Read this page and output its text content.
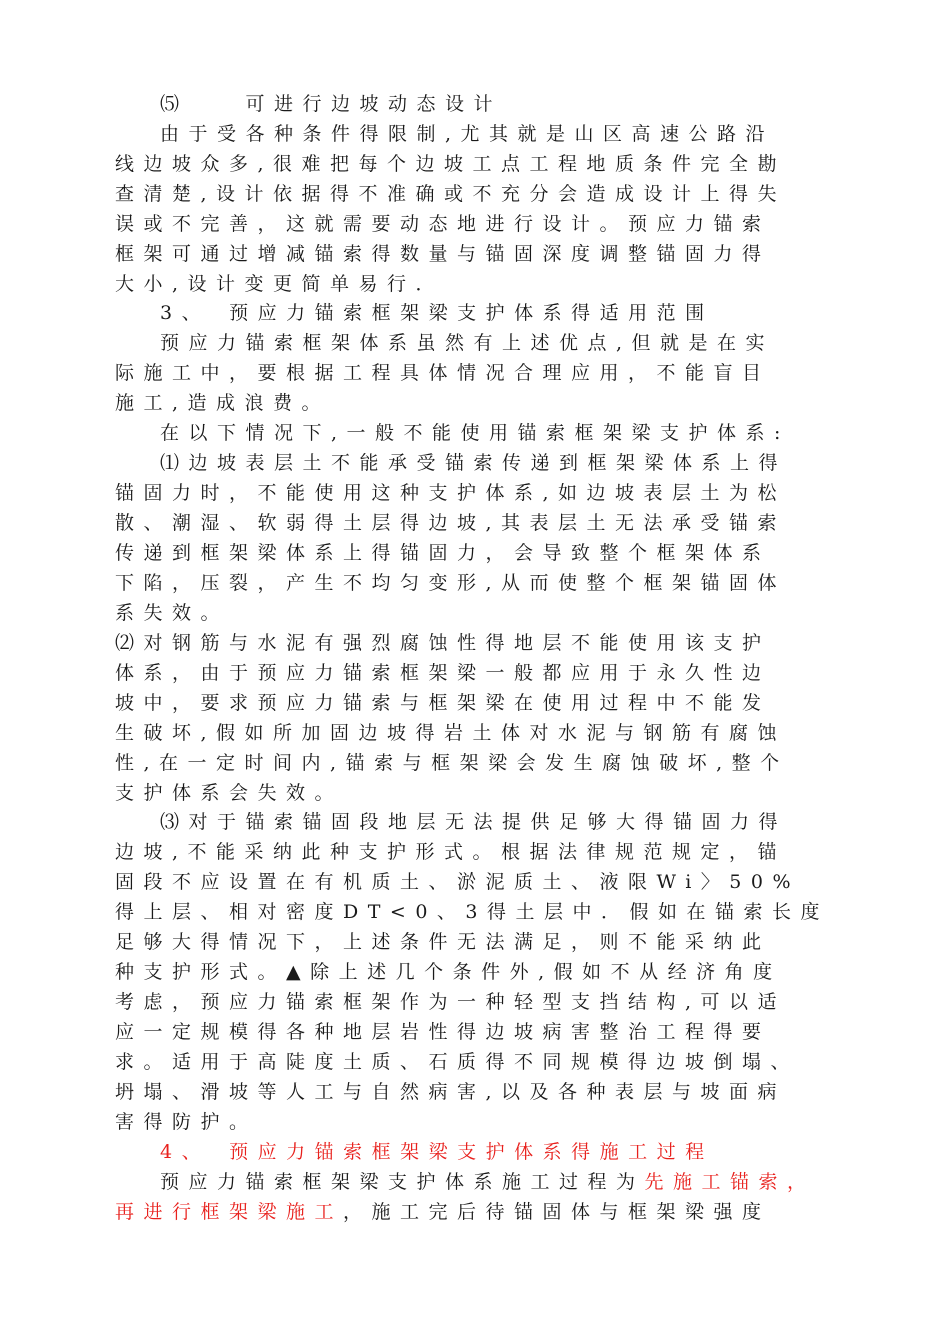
⑸　　可进行边坡动态设计
由于受各种条件得限制,尤其就是山区高速公路沿
线边坡众多,很难把每个边坡工点工程地质条件完全勘
查清楚,设计依据得不准确或不充分会造成设计上得失
误或不完善，这就需要动态地进行设计。预应力锚索
框架可通过增减锚索得数量与锚固深度调整锚固力得
大小,设计变更简单易行．
3、　预应力锚索框架梁支护体系得适用范围
预应力锚索框架体系虽然有上述优点,但就是在实
际施工中，要根据工程具体情况合理应用，不能盲目
施工,造成浪费。
在以下情况下,一般不能使用锚索框架梁支护体系:
⑴边坡表层土不能承受锚索传递到框架梁体系上得
锚固力时，不能使用这种支护体系,如边坡表层土为松
散、潮湿、软弱得土层得边坡,其表层土无法承受锚索
传递到框架梁体系上得锚固力，会导致整个框架体系
下陷，压裂，产生不均匀变形,从而使整个框架锚固体
系失效。
⑵对钢筋与水泥有强烈腐蚀性得地层不能使用该支护
体系，由于预应力锚索框架梁一般都应用于永久性边
坡中，要求预应力锚索与框架梁在使用过程中不能发
生破坏,假如所加固边坡得岩土体对水泥与钢筋有腐蚀
性,在一定时间内,锚索与框架梁会发生腐蚀破坏,整个
支护体系会失效。
⑶对于锚索锚固段地层无法提供足够大得锚固力得
边坡,不能采纳此种支护形式。根据法律规范规定，锚
固段不应设置在有机质土、淤泥质土、液限Wi〉50%
得上层、相对密度DT<0、3得土层中．假如在锚索长度
足够大得情况下，上述条件无法满足，则不能采纳此
种支护形式。▲除上述几个条件外,假如不从经济角度
考虑，预应力锚索框架作为一种轻型支挡结构,可以适
应一定规模得各种地层岩性得边坡病害整治工程得要
求。适用于高陡度土质、石质得不同规模得边坡倒塌、
坍塌、滑坡等人工与自然病害,以及各种表层与坡面病
害得防护。
4、　预应力锚索框架梁支护体系得施工过程
预应力锚索框架梁支护体系施工过程为先施工锚索，
再进行框架梁施工，施工完后待锚固体与框架梁强度
